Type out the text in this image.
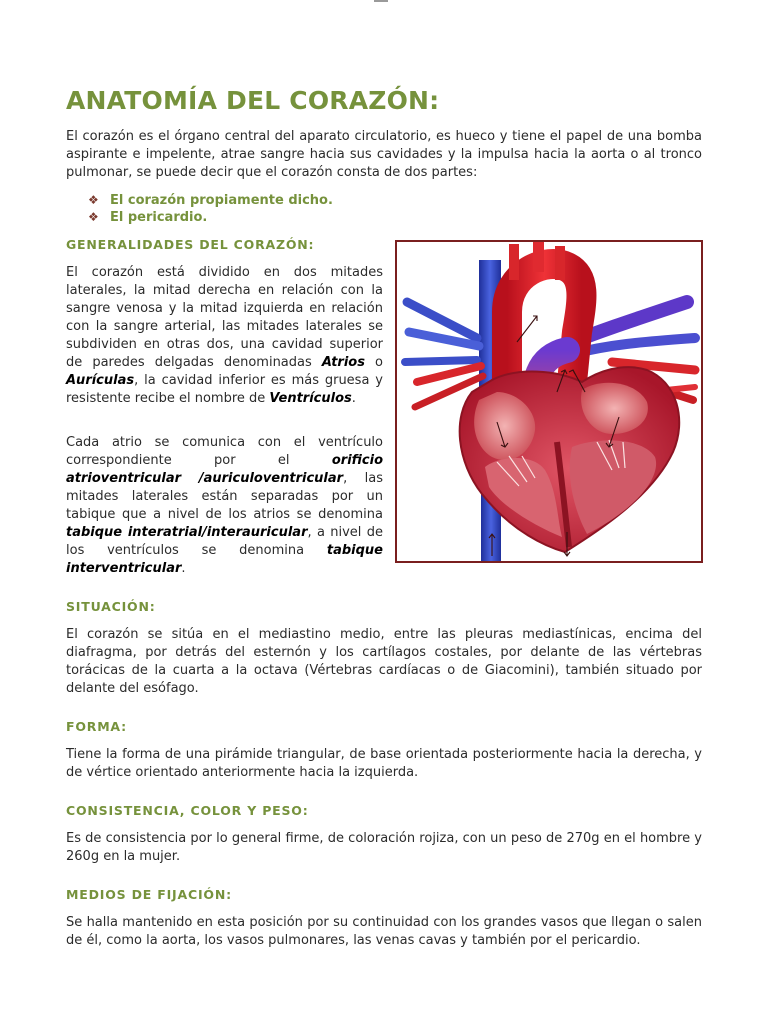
ANATOMÍA DEL CORAZÓN:

El corazón es el órgano central del aparato circulatorio, es hueco y tiene el papel de una bomba aspirante e impelente, atrae sangre hacia sus cavidades y la impulsa hacia la aorta o al tronco pulmonar, se puede decir que el corazón consta de dos partes:

❖ El corazón propiamente dicho.
❖ El pericardio.
GENERALIDADES DEL CORAZÓN:

El corazón está dividido en dos mitades laterales, la mitad derecha en relación con la sangre venosa y la mitad izquierda en relación con la sangre arterial, las mitades laterales se subdividen en otras dos, una cavidad superior de paredes delgadas denominadas Atrios o Aurículas, la cavidad inferior es más gruesa y resistente recibe el nombre de Ventrículos.

Cada atrio se comunica con el ventrículo correspondiente por el orificio atrioventricular /auriculoventricular, las mitades laterales están separadas por un tabique que a nivel de los atrios se denomina tabique interatrial/interauricular, a nivel de los ventrículos se denomina tabique interventricular.

SITUACIÓN:

El corazón se sitúa en el mediastino medio, entre las pleuras mediastínicas, encima del diafragma, por detrás del esternón y los cartílagos costales, por delante de las vértebras torácicas de la cuarta a la octava (Vértebras cardíacas o de Giacomini), también situado por delante del esófago.

FORMA:

Tiene la forma de una pirámide triangular, de base orientada posteriormente hacia la derecha, y de vértice orientado anteriormente hacia la izquierda.

CONSISTENCIA, COLOR Y PESO:

Es de consistencia por lo general firme, de coloración rojiza, con un peso de 270g en el hombre y 260g en la mujer.

MEDIOS DE FIJACIÓN:

Se halla mantenido en esta posición por su continuidad con los grandes vasos que llegan o salen de él, como la aorta, los vasos pulmonares, las venas cavas y también por el pericardio.
